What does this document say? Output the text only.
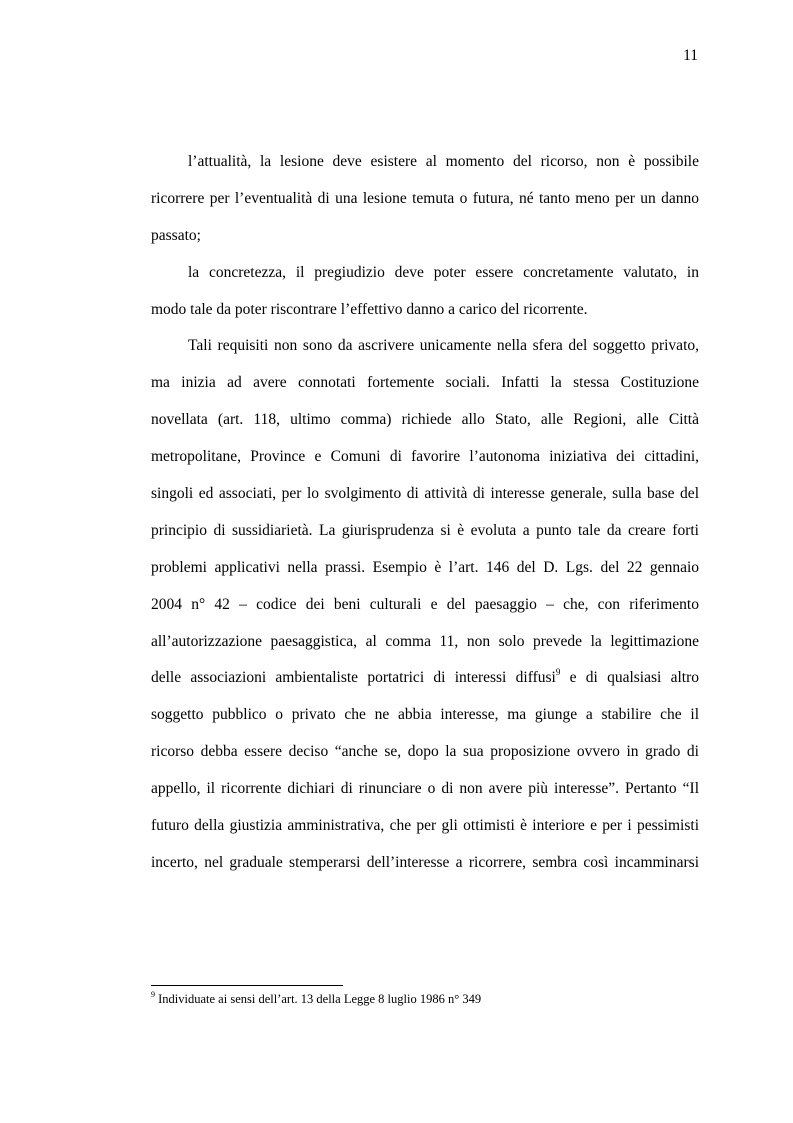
11
l’attualità, la lesione deve esistere al momento del ricorso, non è possibile
ricorrere per l’eventualità di una lesione temuta o futura, né tanto meno per un danno
passato;
la concretezza, il pregiudizio deve poter essere concretamente valutato, in
modo tale da poter riscontrare l’effettivo danno a carico del ricorrente.
Tali requisiti non sono da ascrivere unicamente nella sfera del soggetto privato,
ma inizia ad avere connotati fortemente sociali. Infatti la stessa Costituzione
novellata (art. 118, ultimo comma) richiede allo Stato, alle Regioni, alle Città
metropolitane, Province e Comuni di favorire l’autonoma iniziativa dei cittadini,
singoli ed associati, per lo svolgimento di attività di interesse generale, sulla base del
principio di sussidiarietà. La giurisprudenza si è evoluta a punto tale da creare forti
problemi applicativi nella prassi. Esempio è l’art. 146 del D. Lgs. del 22 gennaio
2004 n° 42 – codice dei beni culturali e del paesaggio – che, con riferimento
all’autorizzazione paesaggistica, al comma 11, non solo prevede la legittimazione
delle associazioni ambientaliste portatrici di interessi diffusi$^9$ e di qualsiasi altro
soggetto pubblico o privato che ne abbia interesse, ma giunge a stabilire che il
ricorso debba essere deciso “anche se, dopo la sua proposizione ovvero in grado di
appello, il ricorrente dichiari di rinunciare o di non avere più interesse”. Pertanto “Il
futuro della giustizia amministrativa, che per gli ottimisti è interiore e per i pessimisti
incerto, nel graduale stemperarsi dell’interesse a ricorrere, sembra così incamminarsi
$^9$ Individuate ai sensi dell’art. 13 della Legge 8 luglio 1986 n° 349
